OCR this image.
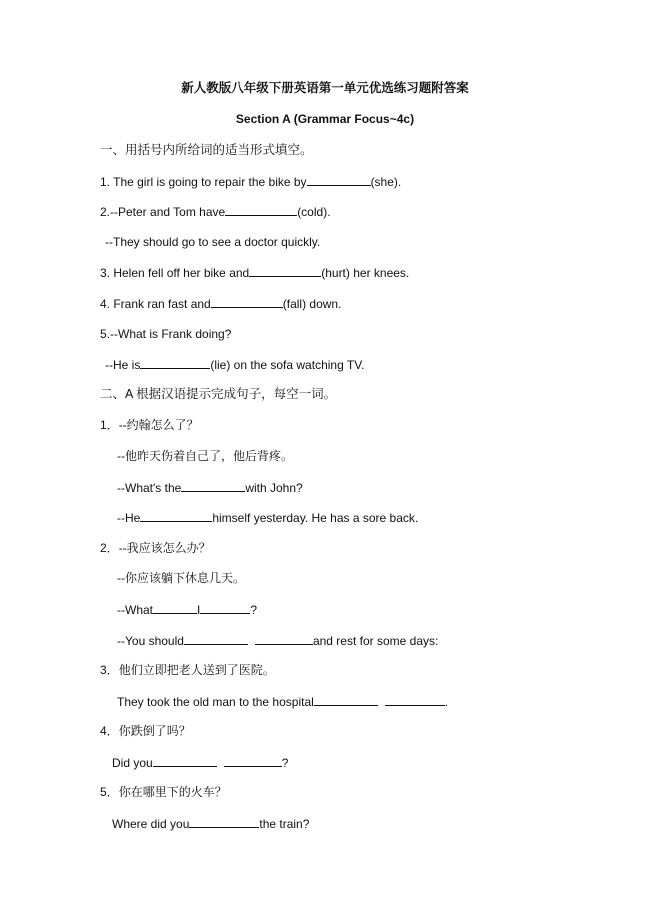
新人教版八年级下册英语第一单元优选练习题附答案
Section A (Grammar Focus~4c)
一、用括号内所给词的适当形式填空。
1. The girl is going to repair the bike by	(she).
2.--Peter and Tom have	(cold).
--They should go to see a doctor quickly.
3. Helen fell off her bike and	(hurt) her knees.
4. Frank ran fast and	(fall) down.
5.--What is Frank doing?
--He is	(lie) on the sofa watching TV.
二、A 根据汉语提示完成句子，每空一词。
1．--约翰怎么了？
--他昨天伤着自己了，他后背疼。
--What's the	with John?
--He	himself yesterday. He has a sore back.
2．--我应该怎么办？
--你应该躺下休息几天。
--What	I	?
--You should	and rest for some days:
3．他们立即把老人送到了医院。
They took the old man to the hospital	.
4．你跌倒了吗？
Did you	?
5．你在哪里下的火车？
Where did you	the train?
